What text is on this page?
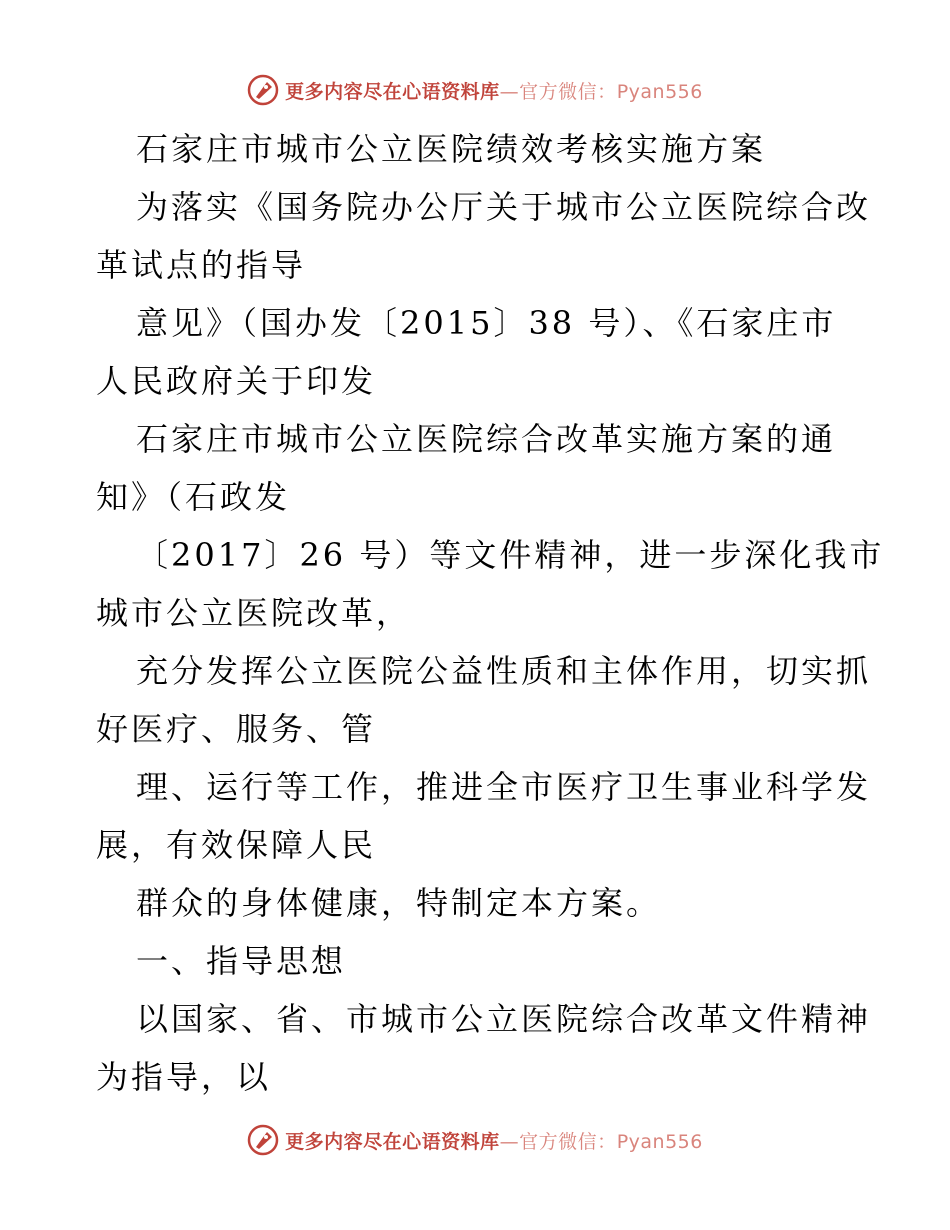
更多内容尽在心语资料库—官方微信：Pyan556
石家庄市城市公立医院绩效考核实施方案
为落实《国务院办公厅关于城市公立医院综合改
革试点的指导
意见》（国办发〔2015〕38 号）、《石家庄市
人民政府关于印发
石家庄市城市公立医院综合改革实施方案的通
知》（石政发
〔2017〕26 号）等文件精神，进一步深化我市
城市公立医院改革，
充分发挥公立医院公益性质和主体作用，切实抓
好医疗、服务、管
理、运行等工作，推进全市医疗卫生事业科学发
展，有效保障人民
群众的身体健康，特制定本方案。
一、指导思想
以国家、省、市城市公立医院综合改革文件精神
为指导，以
更多内容尽在心语资料库—官方微信：Pyan556
